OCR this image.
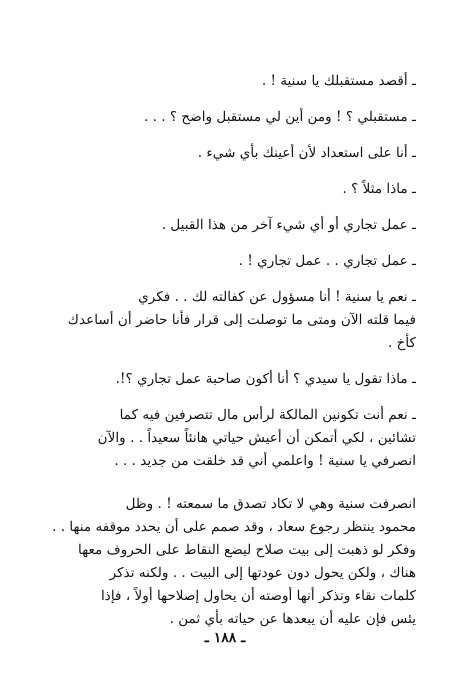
ـ أقصد مستقبلك يا سنية ! .
ـ مستقبلي ؟ ! ومن أين لي مستقبل واضح ؟ . . .
ـ أنا على استعداد لأن أعينك بأي شيء .
ـ ماذا مثلاً ؟ .
ـ عمل تجاري أو أي شيء آخر من هذا القبيل .
ـ عمل تجاري . . عمل تجاري ! .
ـ نعم يا سنية ! أنا مسؤول عن كفالته لك . . فكري
فيما قلته الآن ومتى ما توصلت إلى قرار فأنا حاضر أن أساعدك
كأخ .
ـ ماذا تقول يا سيدي ؟ أنا أكون صاحبة عمل تجاري ؟!.
ـ نعم أنت تكونين المالكة لرأس مال تتصرفين فيه كما
تشائين ، لكي أتمكن أن أعيش حياتي هانئاً سعيداً . . والآن
انصرفي يا سنية ! واعلمي أني قد خلقت من جديد . . .
انصرفت سنية وهي لا تكاد تصدق ما سمعته ! . وظل
محمود ينتظر رجوع سعاد ، وقد صمم على أن يحدد موقفه منها . .
وفكر لو ذهبت إلى بيت صلاح ليضع النقاط على الحروف معها
هناك ، ولكن يحول دون عودتها إلى البيت . . ولكنه تذكر
كلمات نقاء وتذكر أنها أوصته أن يحاول إصلاحها أولاً ، فإذا
يئس فإن عليه أن يبعدها عن حياته بأي ثمن .
ـ ١٨٨ ـ
